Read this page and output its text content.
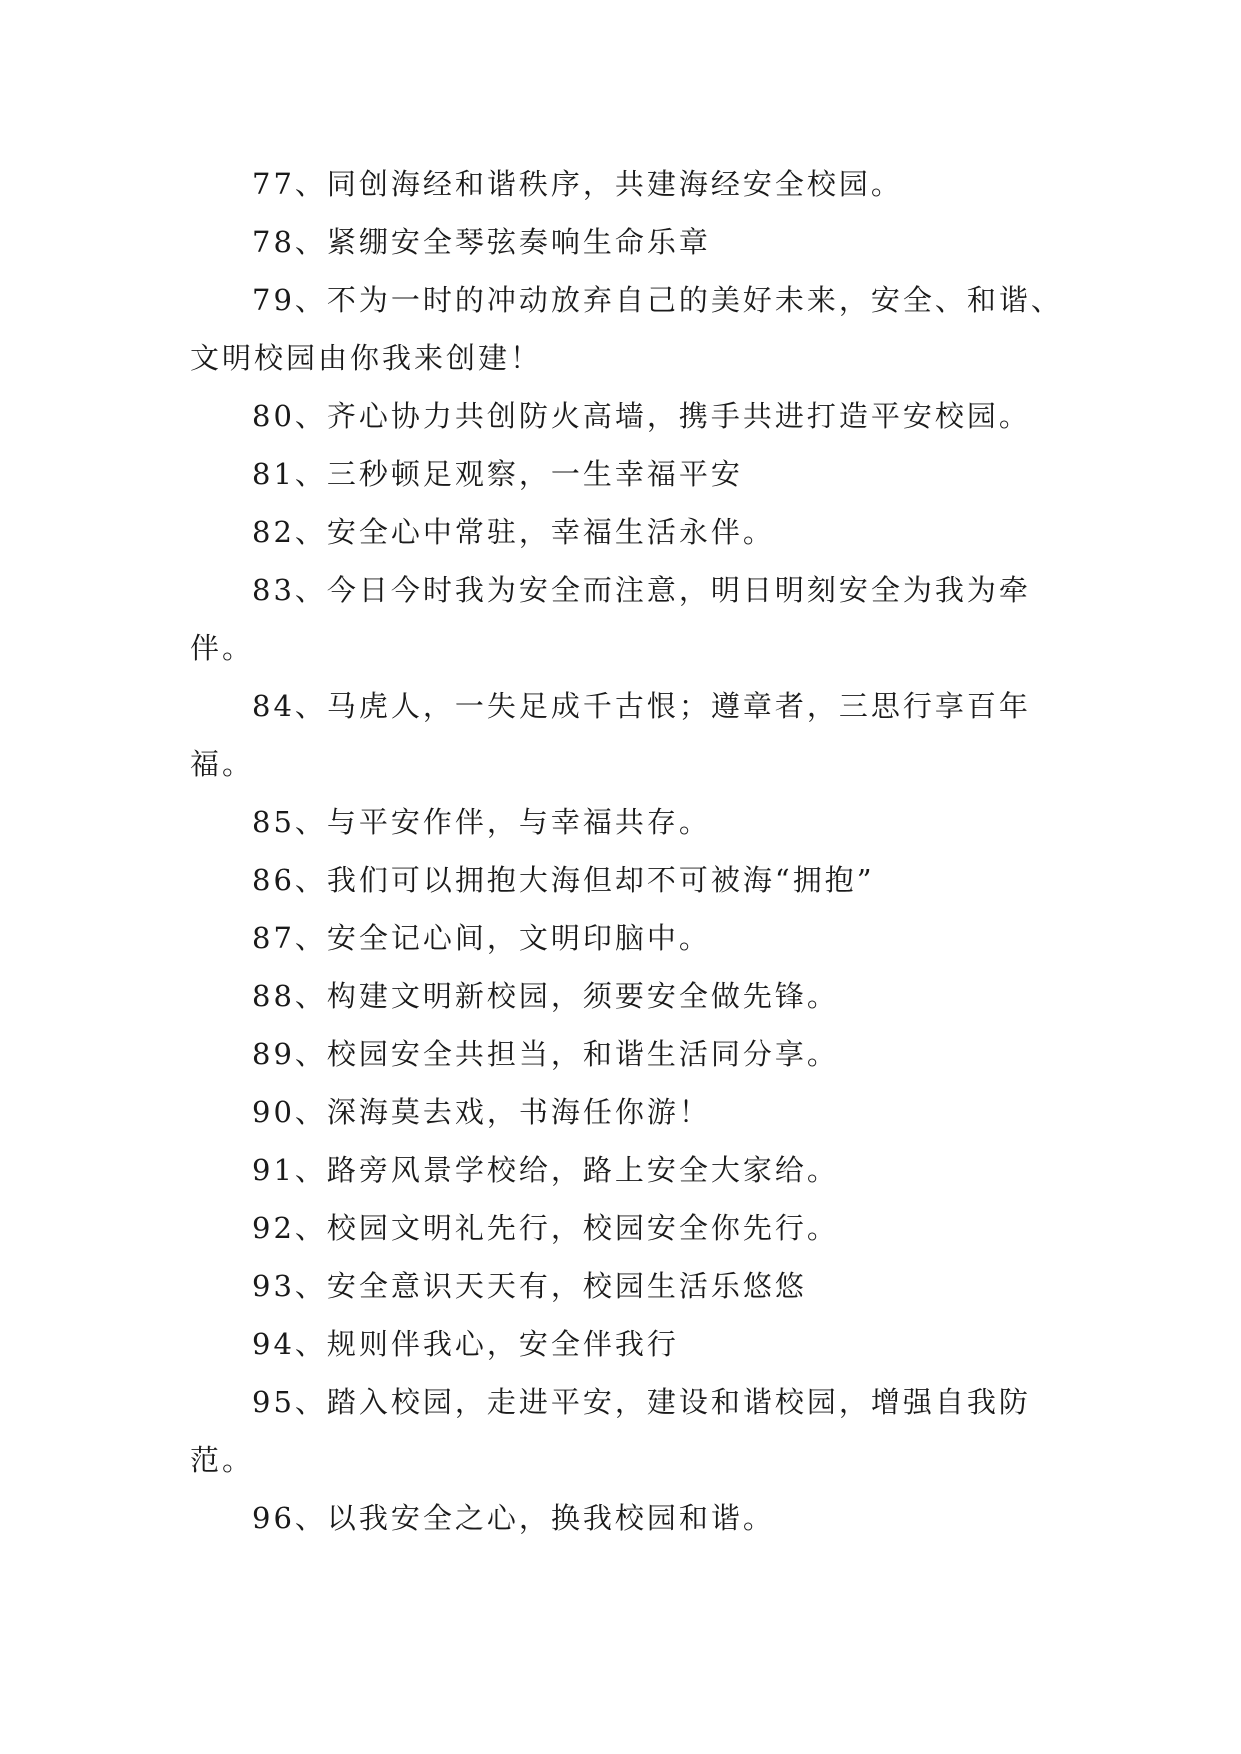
77、同创海经和谐秩序，共建海经安全校园。

78、紧绷安全琴弦奏响生命乐章

79、不为一时的冲动放弃自己的美好未来，安全、和谐、文明校园由你我来创建！

80、齐心协力共创防火高墙，携手共进打造平安校园。

81、三秒顿足观察，一生幸福平安

82、安全心中常驻，幸福生活永伴。

83、今日今时我为安全而注意，明日明刻安全为我为牵伴。

84、马虎人，一失足成千古恨；遵章者，三思行享百年福。

85、与平安作伴，与幸福共存。

86、我们可以拥抱大海但却不可被海“拥抱”

87、安全记心间，文明印脑中。

88、构建文明新校园，须要安全做先锋。

89、校园安全共担当，和谐生活同分享。

90、深海莫去戏，书海任你游！

91、路旁风景学校给，路上安全大家给。

92、校园文明礼先行，校园安全你先行。

93、安全意识天天有，校园生活乐悠悠

94、规则伴我心，安全伴我行

95、踏入校园，走进平安，建设和谐校园，增强自我防范。

96、以我安全之心，换我校园和谐。
